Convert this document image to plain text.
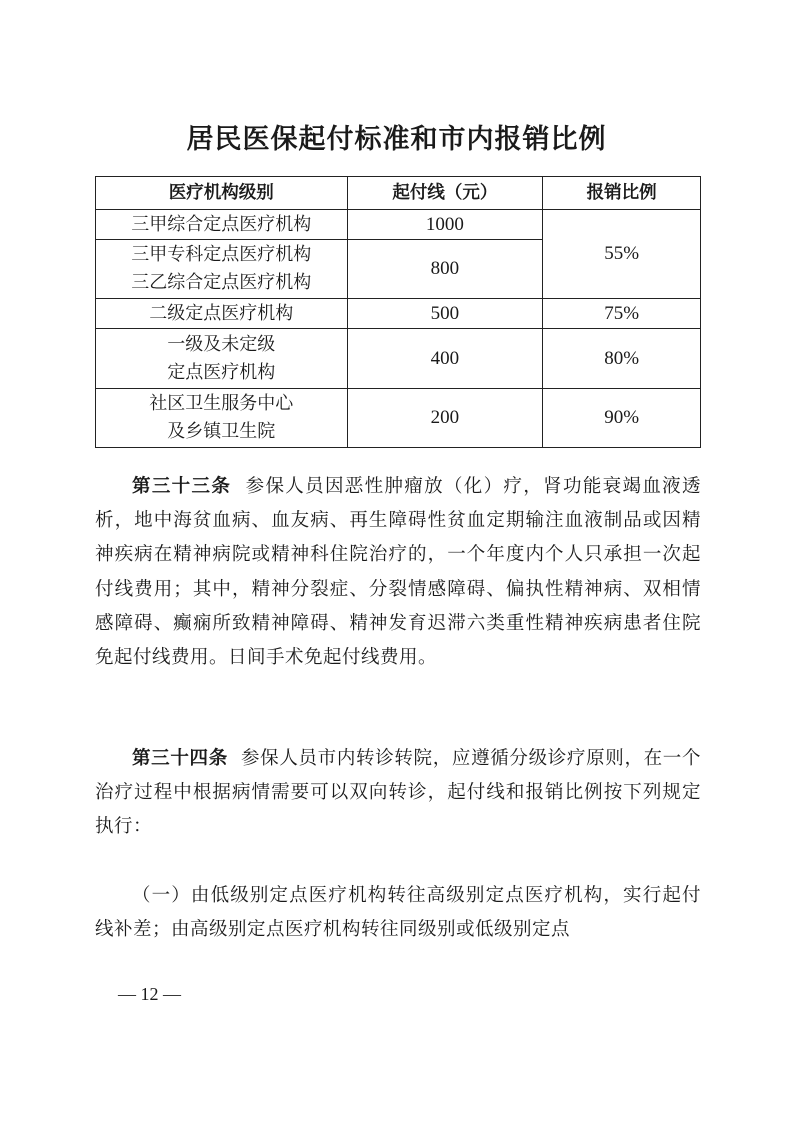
居民医保起付标准和市内报销比例
医疗机构级别	起付线（元）	报销比例

三甲综合定点医疗机构	1000	55%

三甲专科定点医疗机构
三乙综合定点医疗机构	800	

二级定点医疗机构	500	75%

一级及未定级
定点医疗机构	400	80%

社区卫生服务中心
及乡镇卫生院	200	90%

第三十三条 参保人员因恶性肿瘤放（化）疗，肾功能衰竭血液透析，地中海贫血病、血友病、再生障碍性贫血定期输注血液制品或因精神疾病在精神病院或精神科住院治疗的，一个年度内个人只承担一次起付线费用；其中，精神分裂症、分裂情感障碍、偏执性精神病、双相情感障碍、癫痫所致精神障碍、精神发育迟滞六类重性精神疾病患者住院免起付线费用。日间手术免起付线费用。

第三十四条 参保人员市内转诊转院，应遵循分级诊疗原则，在一个治疗过程中根据病情需要可以双向转诊，起付线和报销比例按下列规定执行：

（一）由低级别定点医疗机构转往高级别定点医疗机构，实行起付线补差；由高级别定点医疗机构转往同级别或低级别定点

— 12 —
